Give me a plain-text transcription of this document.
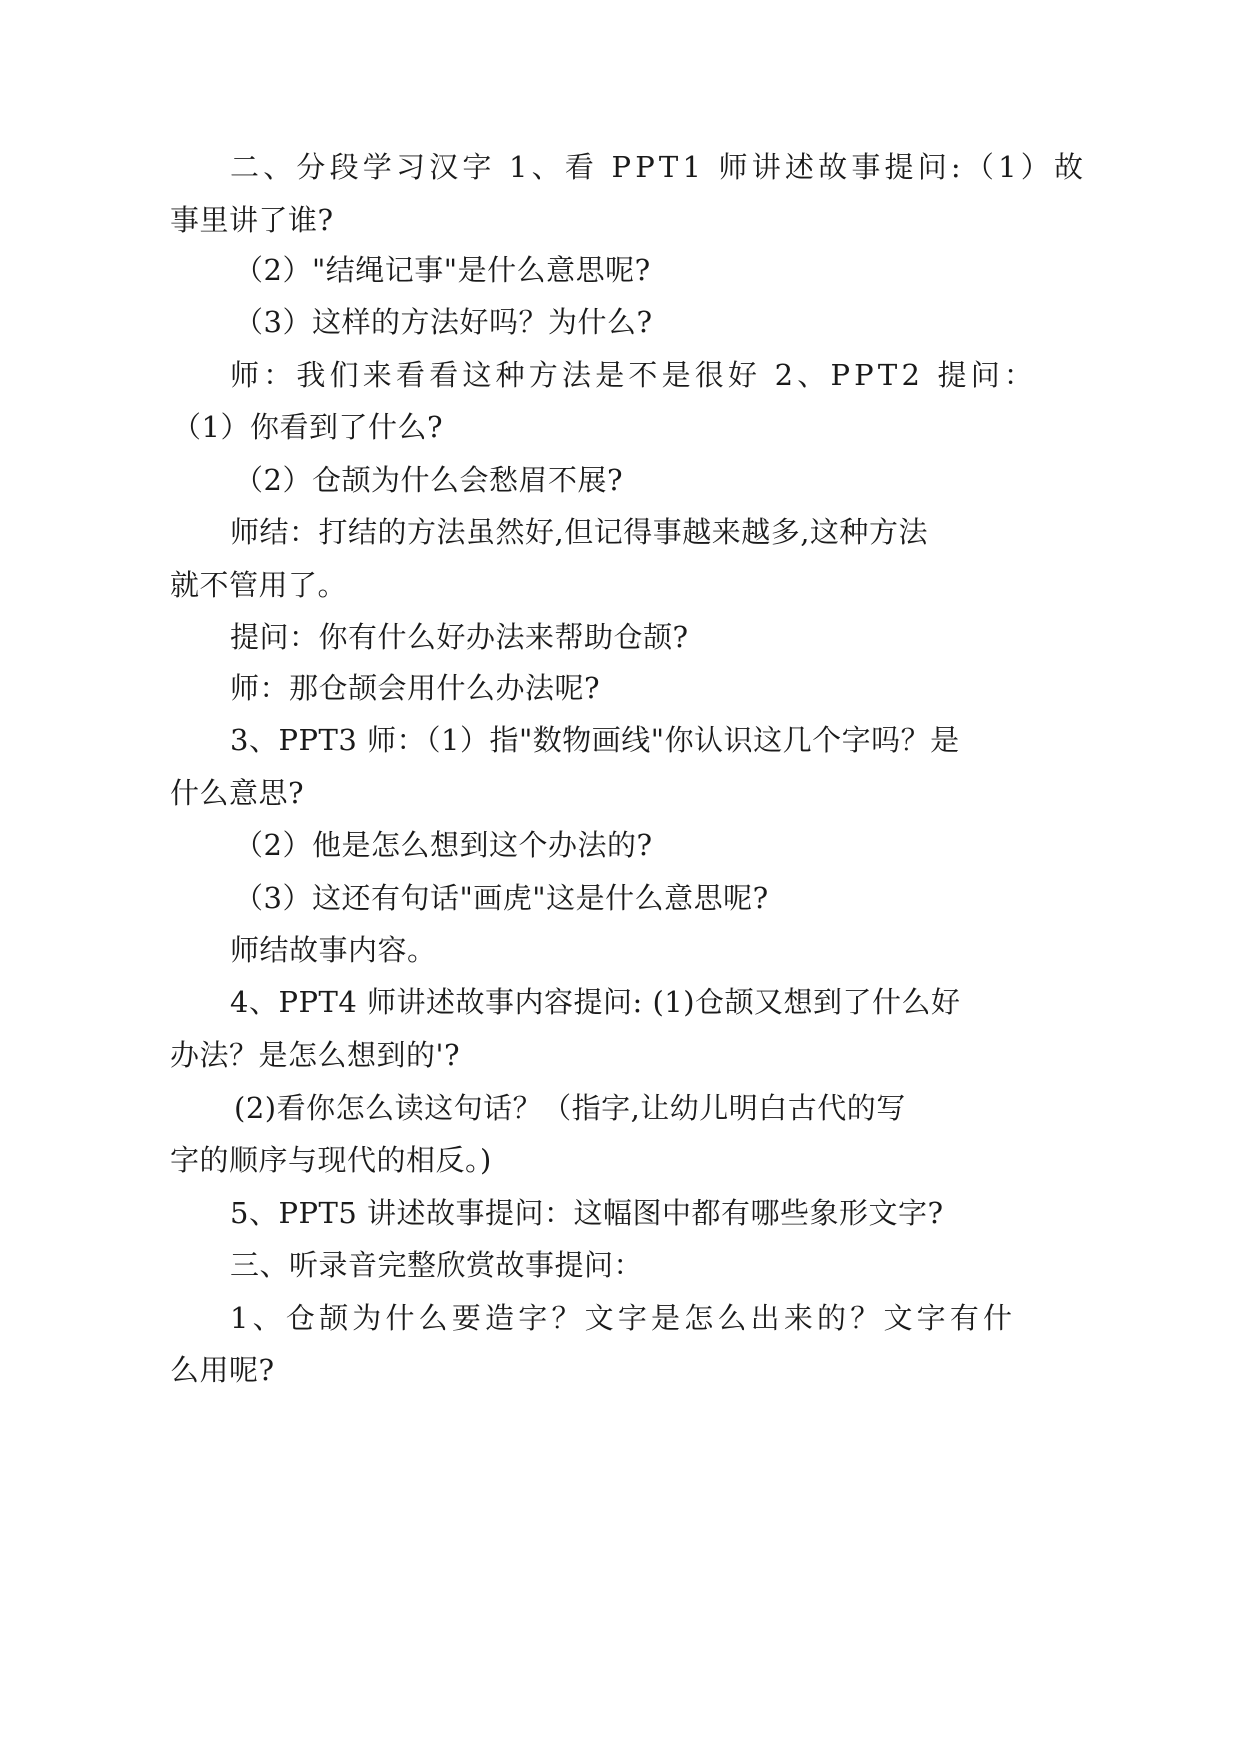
二、分段学习汉字 1、看 PPT1 师讲述故事提问:（1）故
事里讲了谁?
（2）"结绳记事"是什么意思呢?
（3）这样的方法好吗？为什么?
师：我们来看看这种方法是不是很好 2、PPT2 提问：
（1）你看到了什么?
（2）仓颉为什么会愁眉不展?
师结：打结的方法虽然好,但记得事越来越多,这种方法
就不管用了。
提问：你有什么好办法来帮助仓颉?
师：那仓颉会用什么办法呢?
3、PPT3 师：（1）指"数物画线"你认识这几个字吗？是
什么意思?
（2）他是怎么想到这个办法的?
（3）这还有句话"画虎"这是什么意思呢?
师结故事内容。
4、PPT4 师讲述故事内容提问: (1)仓颉又想到了什么好
办法？是怎么想到的'?
(2)看你怎么读这句话？（指字,让幼儿明白古代的写
字的顺序与现代的相反。)
5、PPT5 讲述故事提问：这幅图中都有哪些象形文字?
三、听录音完整欣赏故事提问：
1、仓颉为什么要造字？文字是怎么出来的？文字有什
么用呢?
